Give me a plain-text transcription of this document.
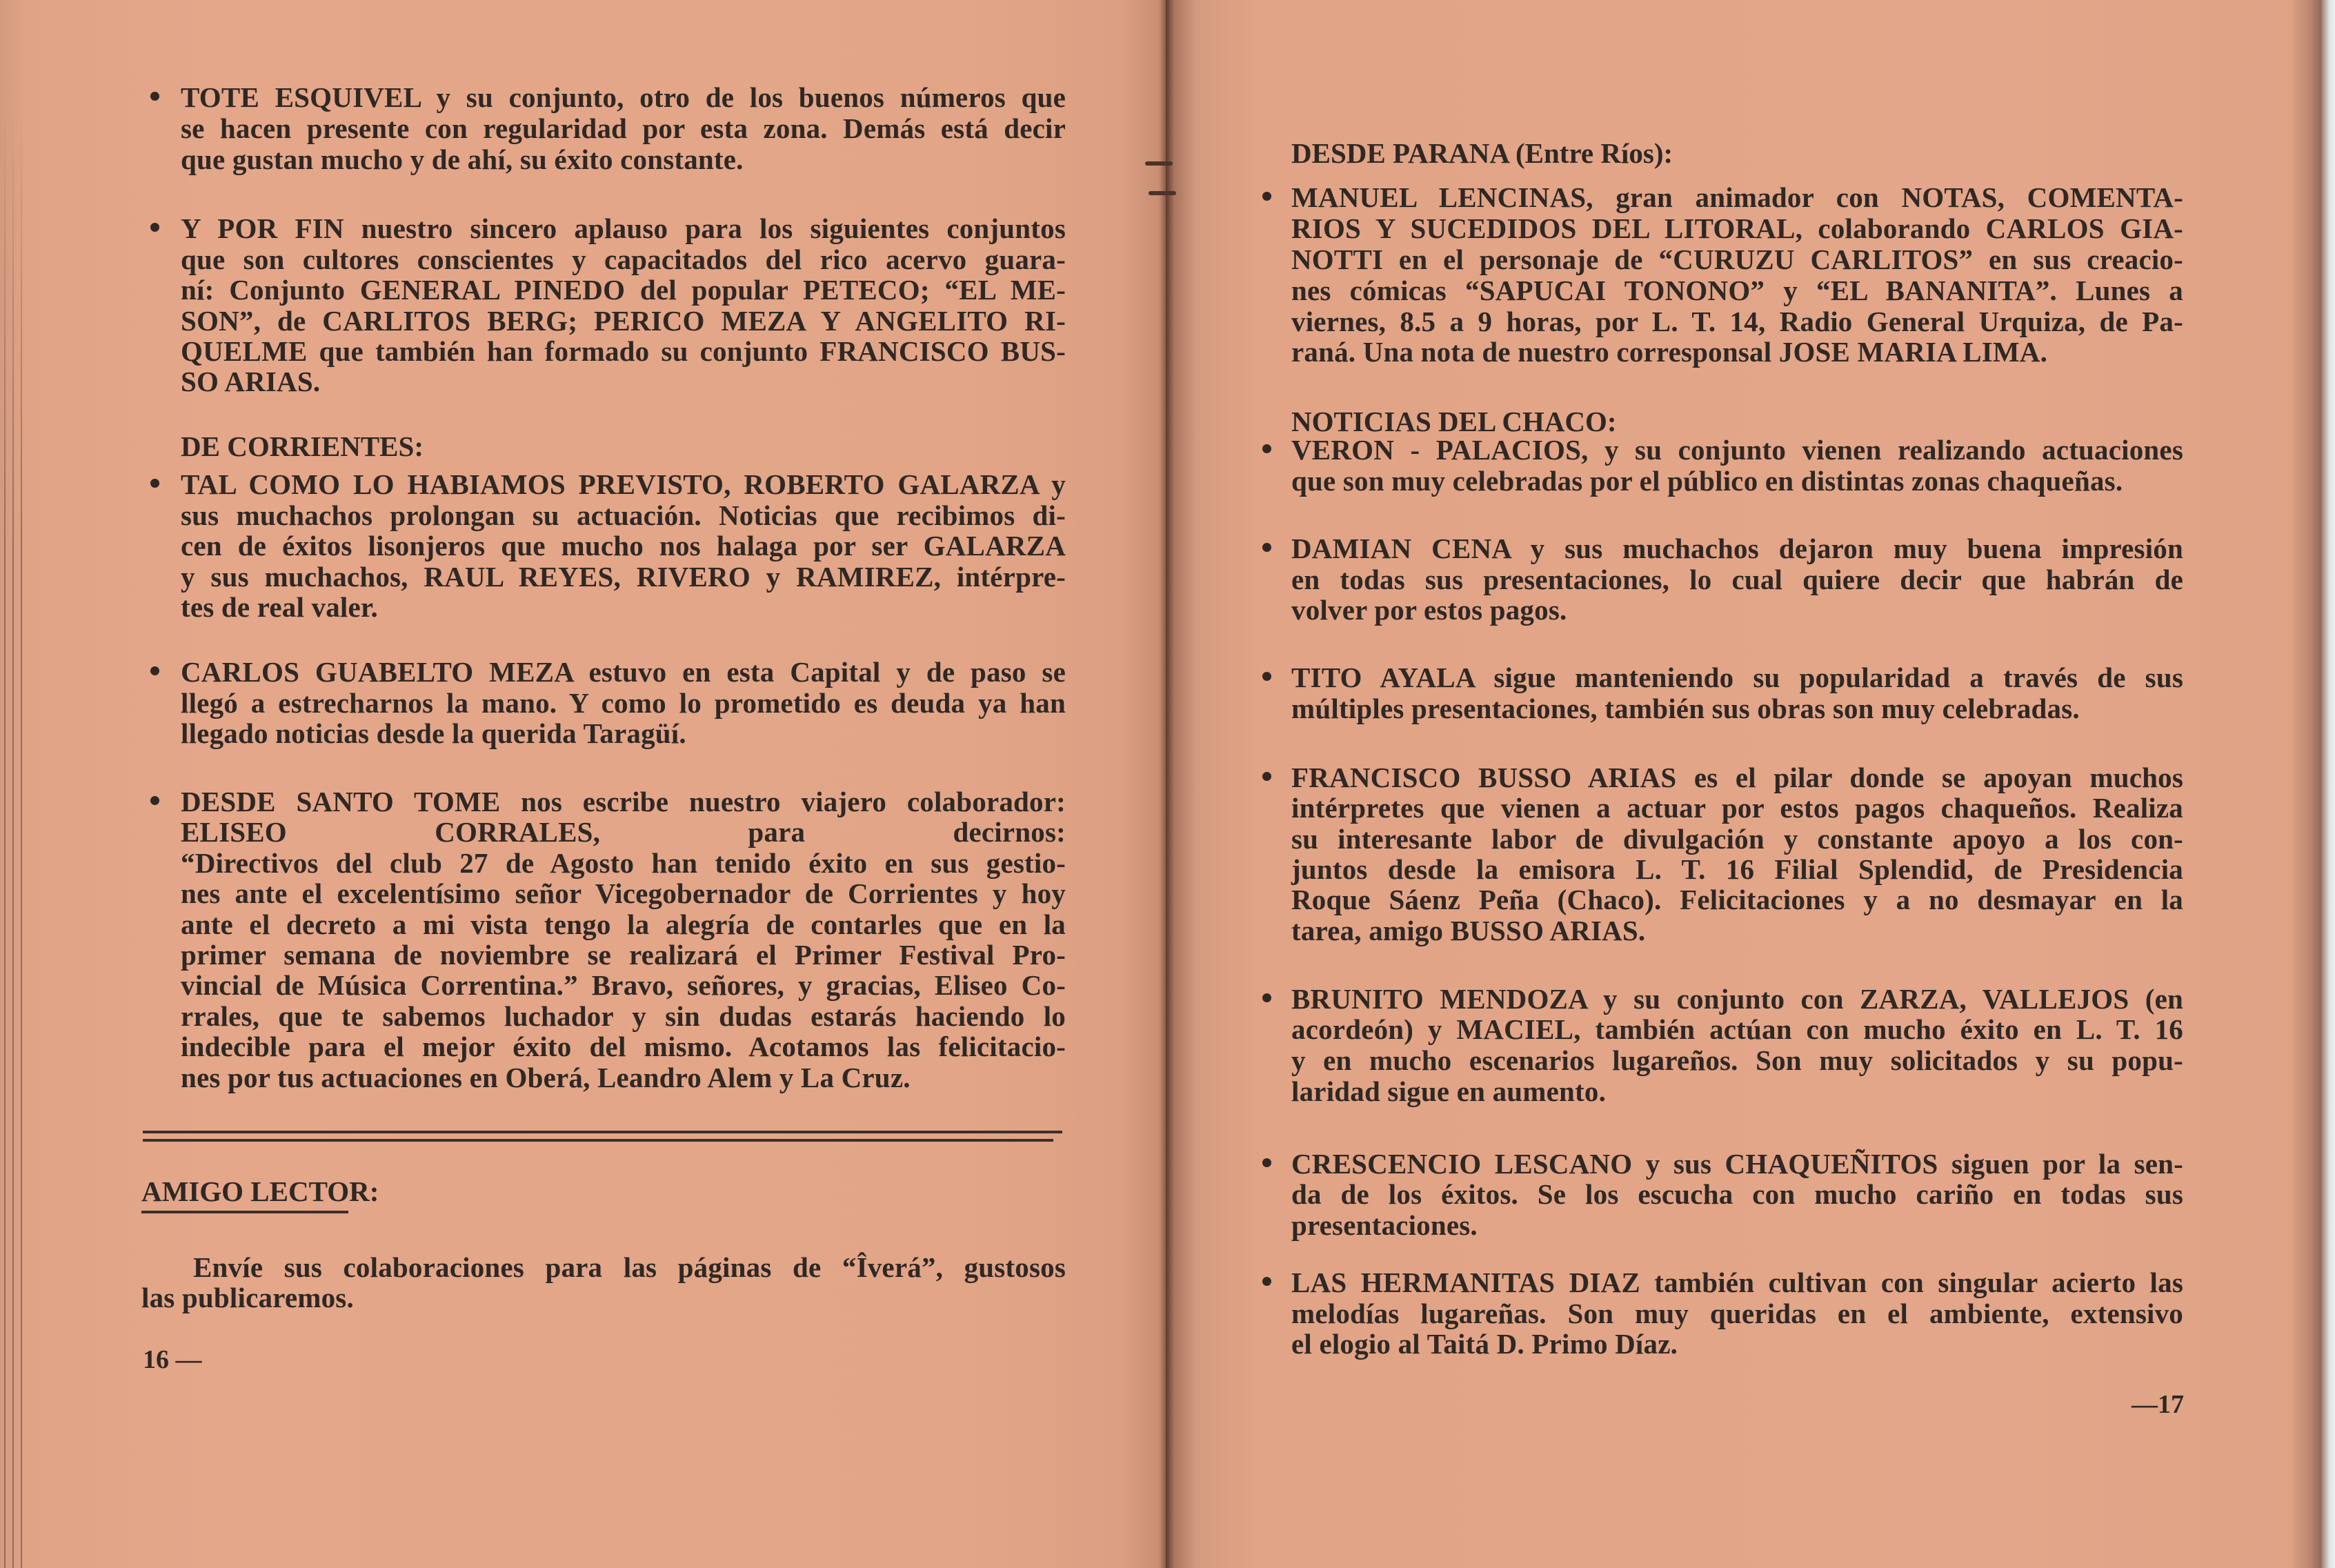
TOTE ESQUIVEL y su conjunto, otro de los buenos números que
se hacen presente con regularidad por esta zona. Demás está decir
que gustan mucho y de ahí, su éxito constante.
Y POR FIN nuestro sincero aplauso para los siguientes conjuntos
que son cultores conscientes y capacitados del rico acervo guara-
ní: Conjunto GENERAL PINEDO del popular PETECO; “EL ME-
SON”, de CARLITOS BERG; PERICO MEZA Y ANGELITO RI-
QUELME que también han formado su conjunto FRANCISCO BUS-
SO ARIAS.
DE CORRIENTES:
TAL COMO LO HABIAMOS PREVISTO, ROBERTO GALARZA y
sus muchachos prolongan su actuación. Noticias que recibimos di-
cen de éxitos lisonjeros que mucho nos halaga por ser GALARZA
y sus muchachos, RAUL REYES, RIVERO y RAMIREZ, intérpre-
tes de real valer.
CARLOS GUABELTO MEZA estuvo en esta Capital y de paso se
llegó a estrecharnos la mano. Y como lo prometido es deuda ya han
llegado noticias desde la querida Taragüí.
DESDE SANTO TOME nos escribe nuestro viajero colaborador:
ELISEO CORRALES, para decirnos:
“Directivos del club 27 de Agosto han tenido éxito en sus gestio-
nes ante el excelentísimo señor Vicegobernador de Corrientes y hoy
ante el decreto a mi vista tengo la alegría de contarles que en la
primer semana de noviembre se realizará el Primer Festival Pro-
vincial de Música Correntina.” Bravo, señores, y gracias, Eliseo Co-
rrales, que te sabemos luchador y sin dudas estarás haciendo lo
indecible para el mejor éxito del mismo. Acotamos las felicitacio-
nes por tus actuaciones en Oberá, Leandro Alem y La Cruz.
AMIGO LECTOR:
Envíe sus colaboraciones para las páginas de “Îverá”, gustosos
las publicaremos.
16 —
DESDE PARANA (Entre Ríos):
MANUEL LENCINAS, gran animador con NOTAS, COMENTA-
RIOS Y SUCEDIDOS DEL LITORAL, colaborando CARLOS GIA-
NOTTI en el personaje de “CURUZU CARLITOS” en sus creacio-
nes cómicas “SAPUCAI TONONO” y “EL BANANITA”. Lunes a
viernes, 8.5 a 9 horas, por L. T. 14, Radio General Urquiza, de Pa-
raná. Una nota de nuestro corresponsal JOSE MARIA LIMA.
NOTICIAS DEL CHACO:
VERON - PALACIOS, y su conjunto vienen realizando actuaciones
que son muy celebradas por el público en distintas zonas chaqueñas.
DAMIAN CENA y sus muchachos dejaron muy buena impresión
en todas sus presentaciones, lo cual quiere decir que habrán de
volver por estos pagos.
TITO AYALA sigue manteniendo su popularidad a través de sus
múltiples presentaciones, también sus obras son muy celebradas.
FRANCISCO BUSSO ARIAS es el pilar donde se apoyan muchos
intérpretes que vienen a actuar por estos pagos chaqueños. Realiza
su interesante labor de divulgación y constante apoyo a los con-
juntos desde la emisora L. T. 16 Filial Splendid, de Presidencia
Roque Sáenz Peña (Chaco). Felicitaciones y a no desmayar en la
tarea, amigo BUSSO ARIAS.
BRUNITO MENDOZA y su conjunto con ZARZA, VALLEJOS (en
acordeón) y MACIEL, también actúan con mucho éxito en L. T. 16
y en mucho escenarios lugareños. Son muy solicitados y su popu-
laridad sigue en aumento.
CRESCENCIO LESCANO y sus CHAQUEÑITOS siguen por la sen-
da de los éxitos. Se los escucha con mucho cariño en todas sus
presentaciones.
LAS HERMANITAS DIAZ también cultivan con singular acierto las
melodías lugareñas. Son muy queridas en el ambiente, extensivo
el elogio al Taitá D. Primo Díaz.
—17
